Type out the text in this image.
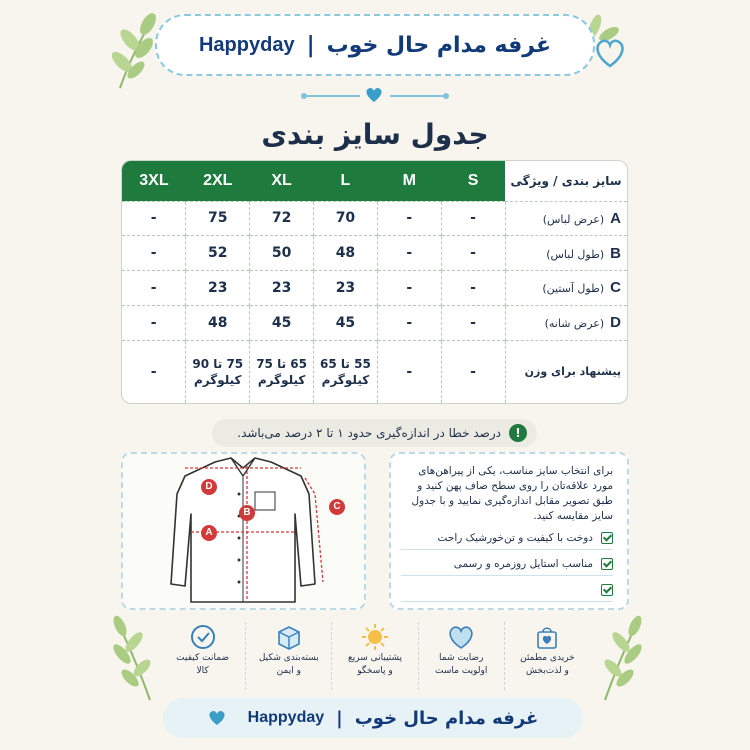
غرفه مدام حال خوب
|
Happyday
جدول سایز بندی
سایز بندی / ویژگی	S	M	L	XL	2XL	3XL
A(عرض لباس)	-	-	70	72	75	-
B(طول لباس)	-	-	48	50	52	-
C(طول آستین)	-	-	23	23	23	-
D(عرض شانه)	-	-	45	45	48	-
پیشنهاد برای وزن	-	-	55 تا 65 کیلوگرم	65 تا 75 کیلوگرم	75 تا 90 کیلوگرم	-
درصد خطا در اندازه‌گیری حدود ۱ تا ۲ درصد می‌باشد.	!
A
B
C
D

برای انتخاب سایز مناسب، یکی از پیراهن‌های مورد علاقه‌تان را روی سطح صاف پهن کنید و طبق تصویر مقابل اندازه‌گیری نمایید و با جدول سایز مقایسه کنید.

دوخت با کیفیت و تن‌خورشیک راحت
مناسب استایل روزمره و رسمی
ضمانت کیفیت
کالا
بسته‌بندی شکیل
و ایمن
پشتیبانی سریع
و پاسخگو
رضایت شما
اولویت ماست
خریدی مطمئن
و لذت‌بخش
غرفه مدام حال خوب
|
Happyday
